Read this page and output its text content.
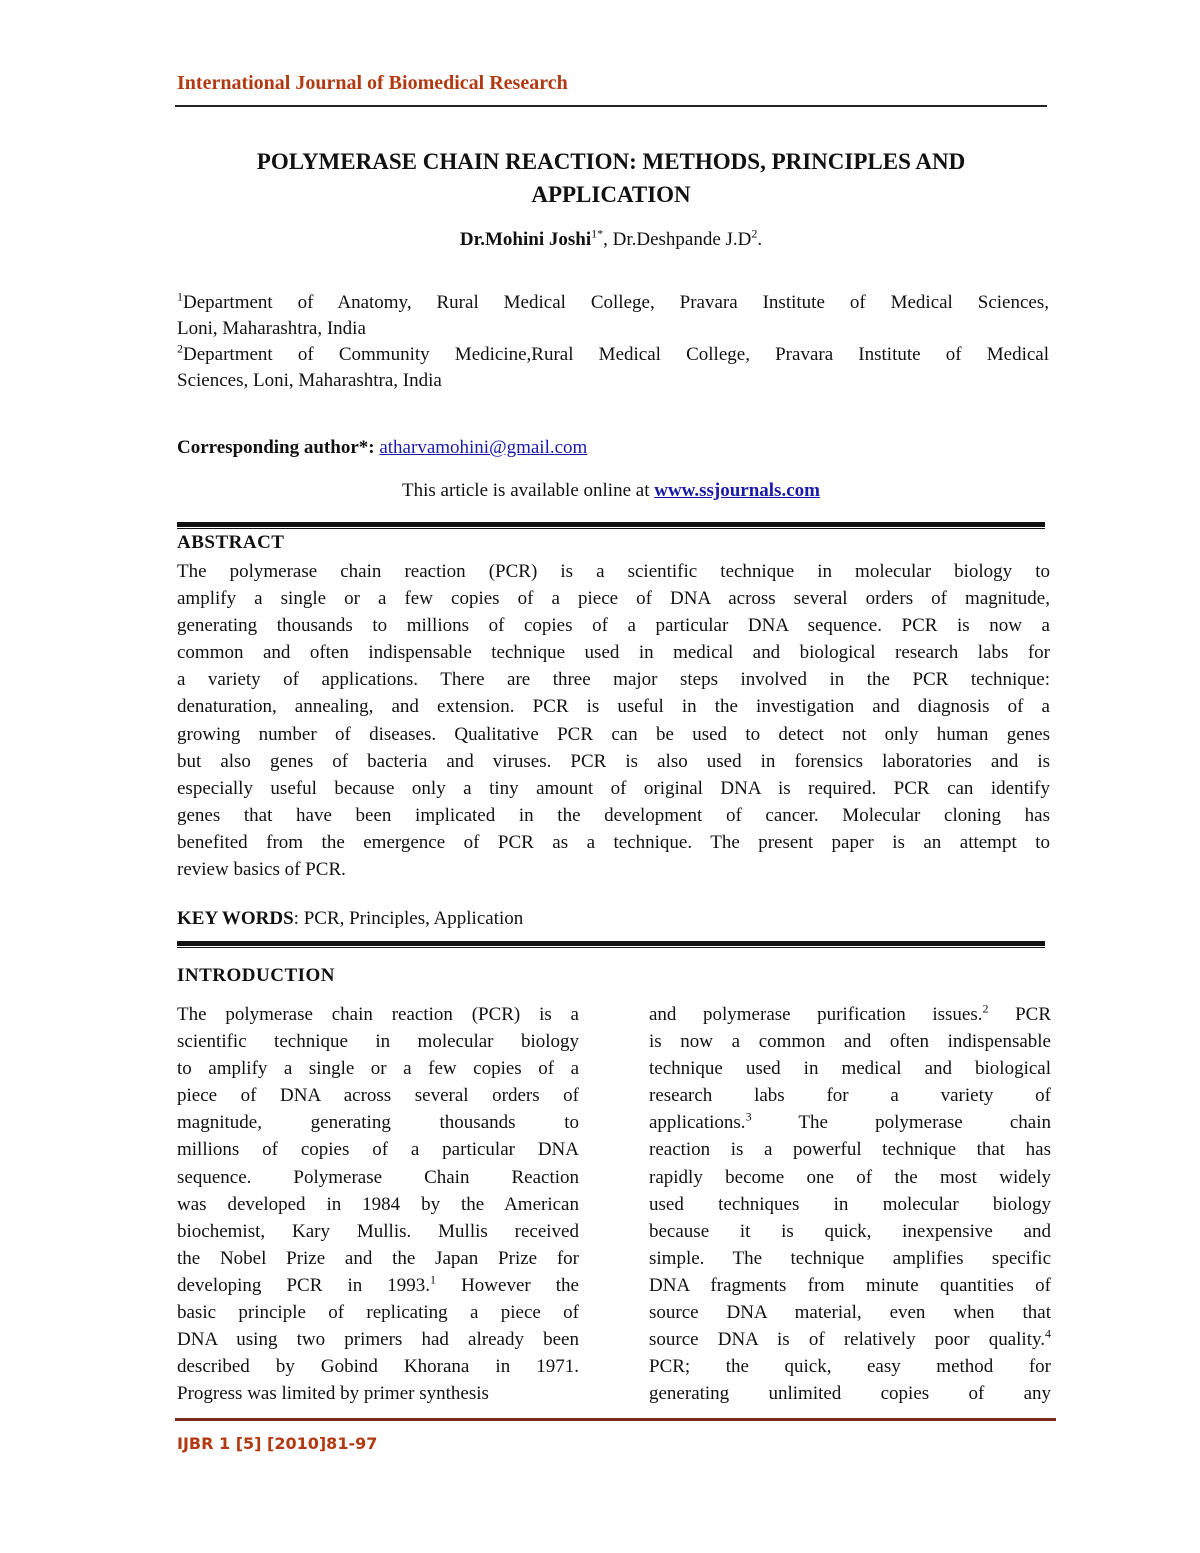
International Journal of Biomedical Research
POLYMERASE CHAIN REACTION: METHODS, PRINCIPLES AND
APPLICATION
Dr.Mohini Joshi$^{1*}$, Dr.Deshpande $J.D^2$.
$^1$Department of Anatomy, Rural Medical College, Pravara Institute of Medical Sciences,
Loni, Maharashtra, India
$^2$Department of Community Medicine,Rural Medical College, Pravara Institute of Medical
Sciences, Loni, Maharashtra, India
Corresponding author*: atharvamohini@gmail.com
This article is available online at www.ssjournals.com
ABSTRACT
The polymerase chain reaction (PCR) is a scientific technique in molecular biology to
amplify a single or a few copies of a piece of DNA across several orders of magnitude,
generating thousands to millions of copies of a particular DNA sequence. PCR is now a
common and often indispensable technique used in medical and biological research labs for
a variety of applications. There are three major steps involved in the PCR technique:
denaturation, annealing, and extension. PCR is useful in the investigation and diagnosis of a
growing number of diseases. Qualitative PCR can be used to detect not only human genes
but also genes of bacteria and viruses. PCR is also used in forensics laboratories and is
especially useful because only a tiny amount of original DNA is required. PCR can identify
genes that have been implicated in the development of cancer. Molecular cloning has
benefited from the emergence of PCR as a technique. The present paper is an attempt to
review basics of PCR.
KEY WORDS: PCR, Principles, Application
INTRODUCTION
The polymerase chain reaction (PCR) is a
scientific technique in molecular biology
to amplify a single or a few copies of a
piece of DNA across several orders of
magnitude, generating thousands to
millions of copies of a particular DNA
sequence. Polymerase Chain Reaction
was developed in 1984 by the American
biochemist, Kary Mullis. Mullis received
the Nobel Prize and the Japan Prize for
developing PCR in 1993.$^1$ However the
basic principle of replicating a piece of
DNA using two primers had already been
described by Gobind Khorana in 1971.
Progress was limited by primer synthesis
and polymerase purification issues.$^2$ PCR
is now a common and often indispensable
technique used in medical and biological
research labs for a variety of
applications.$^3$ The polymerase chain
reaction is a powerful technique that has
rapidly become one of the most widely
used techniques in molecular biology
because it is quick, inexpensive and
simple. The technique amplifies specific
DNA fragments from minute quantities of
source DNA material, even when that
source DNA is of relatively poor quality.$^4$
PCR; the quick, easy method for
generating unlimited copies of any
IJBR 1 [5] [2010]81-97
